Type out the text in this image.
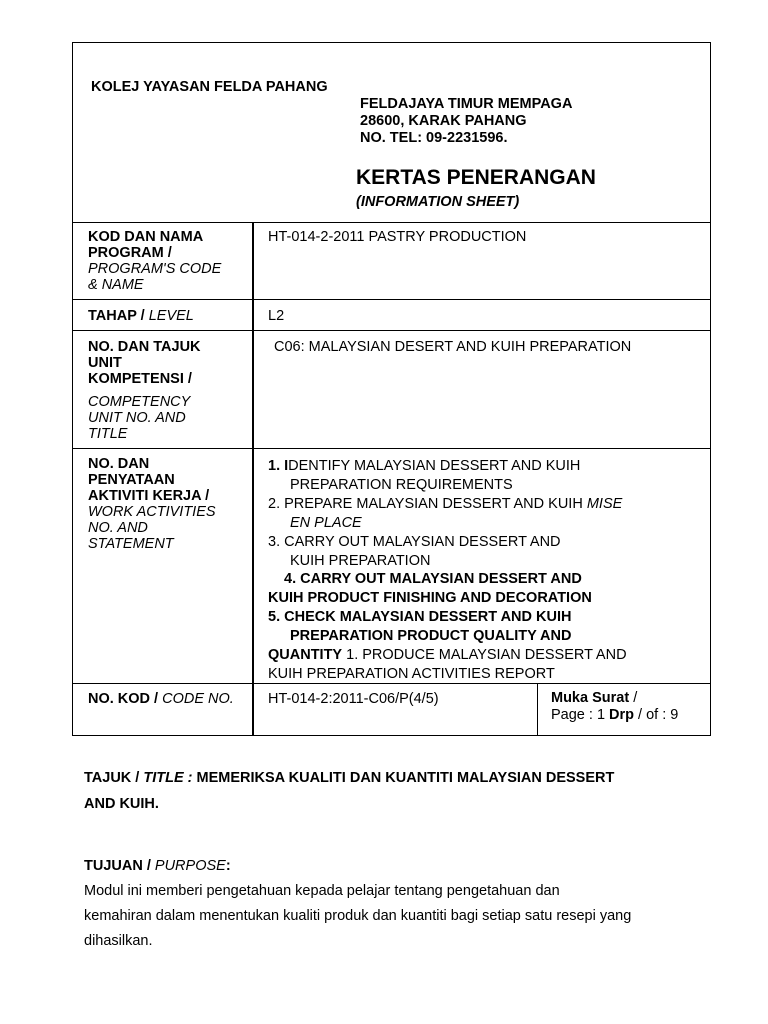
KOLEJ YAYASAN FELDA PAHANG
FELDAJAYA TIMUR MEMPAGA
28600, KARAK PAHANG
NO. TEL: 09-2231596.
KERTAS PENERANGAN
(INFORMATION SHEET)
KOD DAN NAMA
PROGRAM /
PROGRAM'S CODE
& NAME
HT-014-2-2011 PASTRY PRODUCTION
TAHAP / LEVEL	L2
NO. DAN TAJUK
UNIT
KOMPETENSI /
COMPETENCY
UNIT NO. AND
TITLE
C06: MALAYSIAN DESERT AND KUIH PREPARATION
NO. DAN
PENYATAAN
AKTIVITI KERJA /
WORK ACTIVITIES
NO. AND
STATEMENT
1. IDENTIFY MALAYSIAN DESSERT AND KUIH
PREPARATION REQUIREMENTS
2. PREPARE MALAYSIAN DESSERT AND KUIH MISE
EN PLACE
3. CARRY OUT MALAYSIAN DESSERT AND
KUIH PREPARATION
4. CARRY OUT MALAYSIAN DESSERT AND
KUIH PRODUCT FINISHING AND DECORATION
5. CHECK MALAYSIAN DESSERT AND KUIH
PREPARATION PRODUCT QUALITY AND
QUANTITY 1. PRODUCE MALAYSIAN DESSERT AND
KUIH PREPARATION ACTIVITIES REPORT
NO. KOD / CODE NO. HT-014-2:2011-C06/P(4/5)	Muka Surat /
Page : 1 Drp / of : 9
TAJUK / TITLE : MEMERIKSA KUALITI DAN KUANTITI MALAYSIAN DESSERT
AND KUIH.
TUJUAN / PURPOSE:
Modul ini memberi pengetahuan kepada pelajar tentang pengetahuan dan
kemahiran dalam menentukan kualiti produk dan kuantiti bagi setiap satu resepi yang
dihasilkan.
